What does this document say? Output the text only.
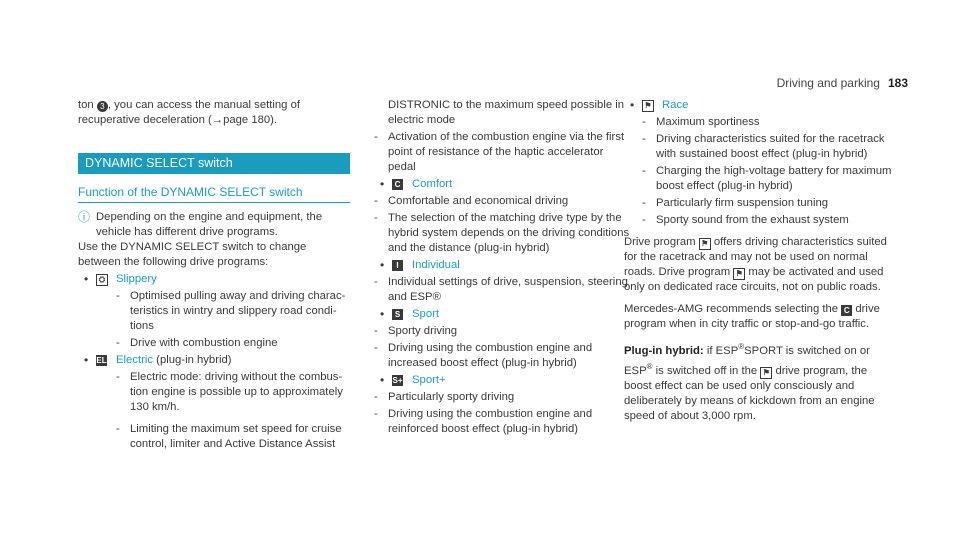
Driving and parking 183

ton 3 , you can access the manual setting of recuperative deceleration (→page 180).

DYNAMIC SELECT switch
Function of the DYNAMIC SELECT switch
ⓘ Depending on the engine and equipment, the vehicle has different drive programs.

Use the DYNAMIC SELECT switch to change between the following drive programs:

•	⛭ Slippery
- Optimised pulling away and driving characteristics in wintry and slippery road conditions
- Drive with combustion engine
• EL Electric (plug-in hybrid)
- Electric mode: driving without the combustion engine is possible up to approximately 130 km/h.
- Limiting the maximum set speed for cruise control, limiter and Active Distance Assist

DISTRONIC to the maximum speed possible in electric mode

- Activation of the combustion engine via the first point of resistance of the haptic accelerator pedal
•	C Comfort
- Comfortable and economical driving
- The selection of the matching drive type by the hybrid system depends on the driving conditions and the distance (plug-in hybrid)
•	I	Individual
- Individual settings of drive, suspension, steering and ESP®
•	S Sport
- Sporty driving
- Driving using the combustion engine and increased boost effect (plug-in hybrid)
• S+ Sport+
- Particularly sporty driving
- Driving using the combustion engine and reinforced boost effect (plug-in hybrid)
•	⚑ Race
- Maximum sportiness
- Driving characteristics suited for the racetrack with sustained boost effect (plug-in hybrid)
- Charging the high-voltage battery for maximum boost effect (plug-in hybrid)
- Particularly firm suspension tuning
- Sporty sound from the exhaust system

Drive program ⚑ offers driving characteristics suited for the racetrack and may not be used on normal roads. Drive program ⚑ may be activated and used only on dedicated race circuits, not on public roads.

Mercedes-AMG recommends selecting the C drive program when in city traffic or stop-and-go traffic.

Plug-in hybrid: if ESP®SPORT is switched on or ESP® is switched off in the ⚑ drive program, the boost effect can be used only consciously and deliberately by means of kickdown from an engine speed of about 3,000 rpm.
